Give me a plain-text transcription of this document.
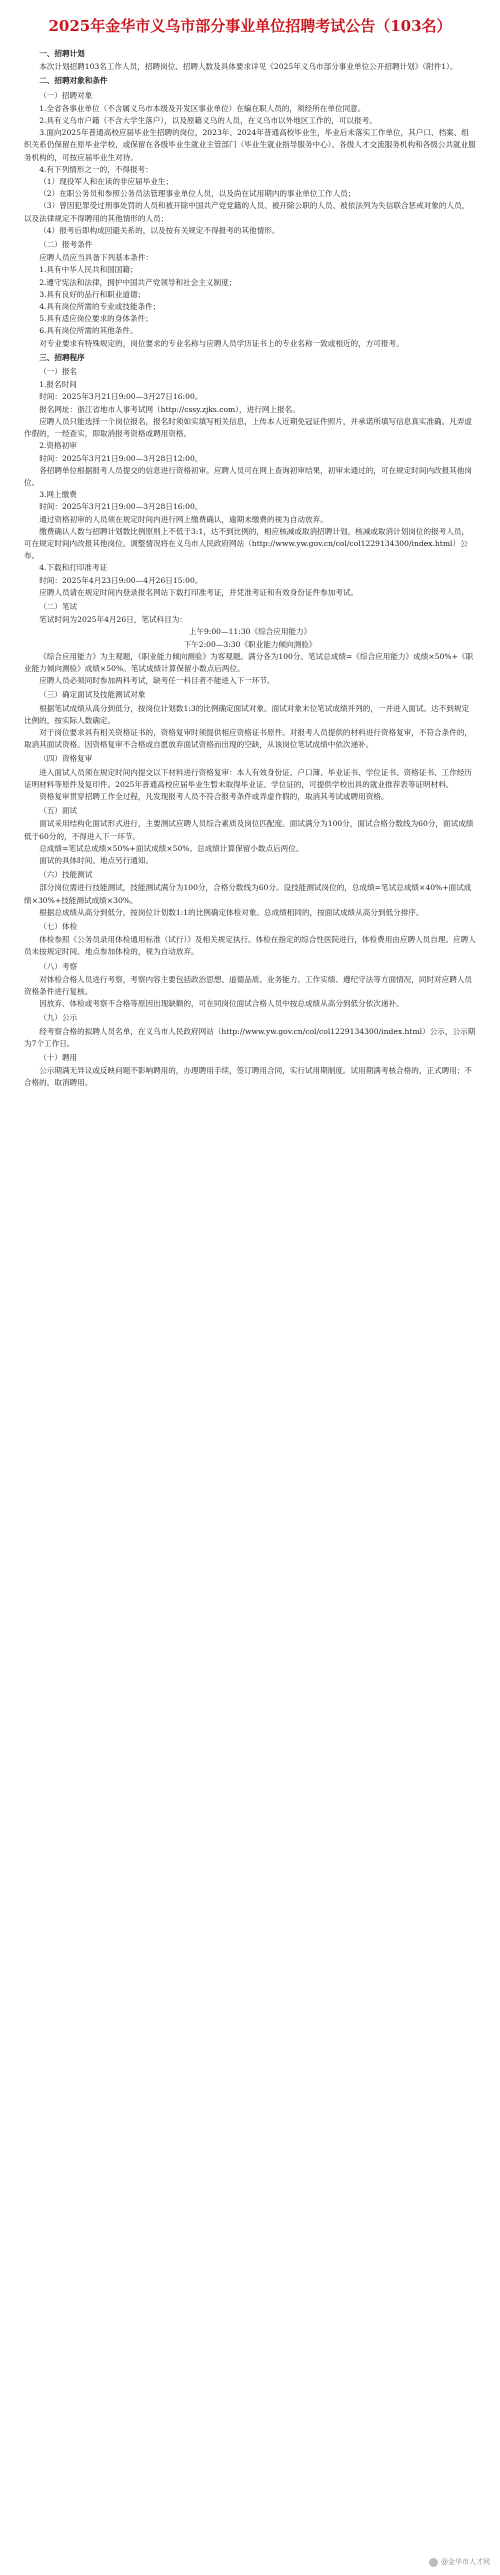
2025年金华市义乌市部分事业单位招聘考试公告（103名）
一、招聘计划
本次计划招聘103名工作人员，招聘岗位、招聘人数及具体要求详见《2025年义乌市部分事业单位公开招聘计划》（附件1）。
二、招聘对象和条件
（一）招聘对象
1.全省各事业单位（不含属义乌市本级及开发区事业单位）在编在职人员的，须经所在单位同意。
2.具有义乌市户籍（不含大学生落户），以及原籍义乌的人员，在义乌市以外地区工作的，可以报考。
3.面向2025年普通高校应届毕业生招聘的岗位，2023年、2024年普通高校毕业生，毕业后未落实工作单位，其户口、档案、组织关系仍保留在原毕业学校，或保留在各级毕业生就业主管部门（毕业生就业指导服务中心）、各级人才交流服务机构和各级公共就业服务机构的，可按应届毕业生对待。
4.有下列情形之一的，不得报考：
（1）现役军人和在读的非应届毕业生；
（2）在职公务员和参照公务员法管理事业单位人员，以及尚在试用期内的事业单位工作人员；
（3）曾因犯罪受过刑事处罚的人员和被开除中国共产党党籍的人员、被开除公职的人员、被依法列为失信联合惩戒对象的人员，以及法律规定不得聘用的其他情形的人员；
（4）报考后即构成回避关系的，以及按有关规定不得报考的其他情形。
（二）报考条件
应聘人员应当具备下列基本条件：
1.具有中华人民共和国国籍；
2.遵守宪法和法律，拥护中国共产党领导和社会主义制度；
3.具有良好的品行和职业道德；
4.具有岗位所需的专业或技能条件；
5.具有适应岗位要求的身体条件；
6.具有岗位所需的其他条件。
对专业要求有特殊规定的，岗位要求的专业名称与应聘人员学历证书上的专业名称一致或相近的，方可报考。
三、招聘程序
（一）报名
1.报名时间
时间：2025年3月21日9:00—3月27日16:00。
报名网址：浙江省地市人事考试网（http://cssy.zjks.com），进行网上报名。
应聘人员只能选择一个岗位报名，报名时须如实填写相关信息，上传本人近期免冠证件照片，并承诺所填写信息真实准确。凡弄虚作假的，一经查实，即取消报考资格或聘用资格。
2.资格初审
时间：2025年3月21日9:00—3月28日12:00。
各招聘单位根据报考人员提交的信息进行资格初审。应聘人员可在网上查询初审结果，初审未通过的，可在规定时间内改报其他岗位。
3.网上缴费
时间：2025年3月21日9:00—3月28日16:00。
通过资格初审的人员须在规定时间内进行网上缴费确认，逾期未缴费的视为自动放弃。
缴费确认人数与招聘计划数比例原则上不低于3:1，达不到比例的，相应核减或取消招聘计划。核减或取消计划岗位的报考人员，可在规定时间内改报其他岗位。调整情况将在义乌市人民政府网站（http://www.yw.gov.cn/col/col1229134300/index.html）公布。
4.下载和打印准考证
时间：2025年4月23日9:00—4月26日15:00。
应聘人员请在规定时间内登录报名网站下载打印准考证，并凭准考证和有效身份证件参加考试。
（二）笔试
笔试时间为2025年4月26日，笔试科目为：
上午9:00—11:30《综合应用能力》
下午2:00—3:30《职业能力倾向测验》
《综合应用能力》为主观题，《职业能力倾向测验》为客观题。满分各为100分。笔试总成绩=《综合应用能力》成绩×50%+《职业能力倾向测验》成绩×50%。笔试成绩计算保留小数点后两位。
应聘人员必须同时参加两科考试，缺考任一科目者不能进入下一环节。
（三）确定面试及技能测试对象
根据笔试成绩从高分到低分，按岗位计划数1:3的比例确定面试对象。面试对象末位笔试成绩并列的，一并进入面试。达不到规定比例的，按实际人数确定。
对于岗位要求具有相关资格证书的，资格复审时须提供相应资格证书原件。对报考人员提供的材料进行资格复审，不符合条件的，取消其面试资格。因资格复审不合格或自愿放弃面试资格而出现的空缺，从该岗位笔试成绩中依次递补。
（四）资格复审
进入面试人员须在规定时间内提交以下材料进行资格复审：本人有效身份证、户口簿、毕业证书、学位证书、资格证书、工作经历证明材料等原件及复印件。2025年普通高校应届毕业生暂未取得毕业证、学位证的，可提供学校出具的就业推荐表等证明材料。
资格复审贯穿招聘工作全过程，凡发现报考人员不符合报考条件或弄虚作假的，取消其考试或聘用资格。
（五）面试
面试采用结构化面试形式进行，主要测试应聘人员综合素质及岗位匹配度。面试满分为100分，面试合格分数线为60分，面试成绩低于60分的，不得进入下一环节。
总成绩=笔试总成绩×50%+面试成绩×50%。总成绩计算保留小数点后两位。
面试的具体时间、地点另行通知。
（六）技能测试
部分岗位需进行技能测试，技能测试满分为100分，合格分数线为60分。设技能测试岗位的，总成绩=笔试总成绩×40%+面试成绩×30%+技能测试成绩×30%。
根据总成绩从高分到低分，按岗位计划数1:1的比例确定体检对象。总成绩相同的，按面试成绩从高分到低分排序。
（七）体检
体检参照《公务员录用体检通用标准（试行）》及相关规定执行。体检在指定的综合性医院进行，体检费用由应聘人员自理。应聘人员未按规定时间、地点参加体检的，视为自动放弃。
（八）考察
对体检合格人员进行考察，考察内容主要包括政治思想、道德品质、业务能力、工作实绩、遵纪守法等方面情况，同时对应聘人员资格条件进行复核。
因放弃、体检或考察不合格等原因出现缺额的，可在同岗位面试合格人员中按总成绩从高分到低分依次递补。
（九）公示
经考察合格的拟聘人员名单，在义乌市人民政府网站（http://www.yw.gov.cn/col/col1229134300/index.html）公示，公示期为7个工作日。
（十）聘用
公示期满无异议或反映问题不影响聘用的，办理聘用手续，签订聘用合同，实行试用期制度。试用期满考核合格的，正式聘用；不合格的，取消聘用。
@金华市人才网
